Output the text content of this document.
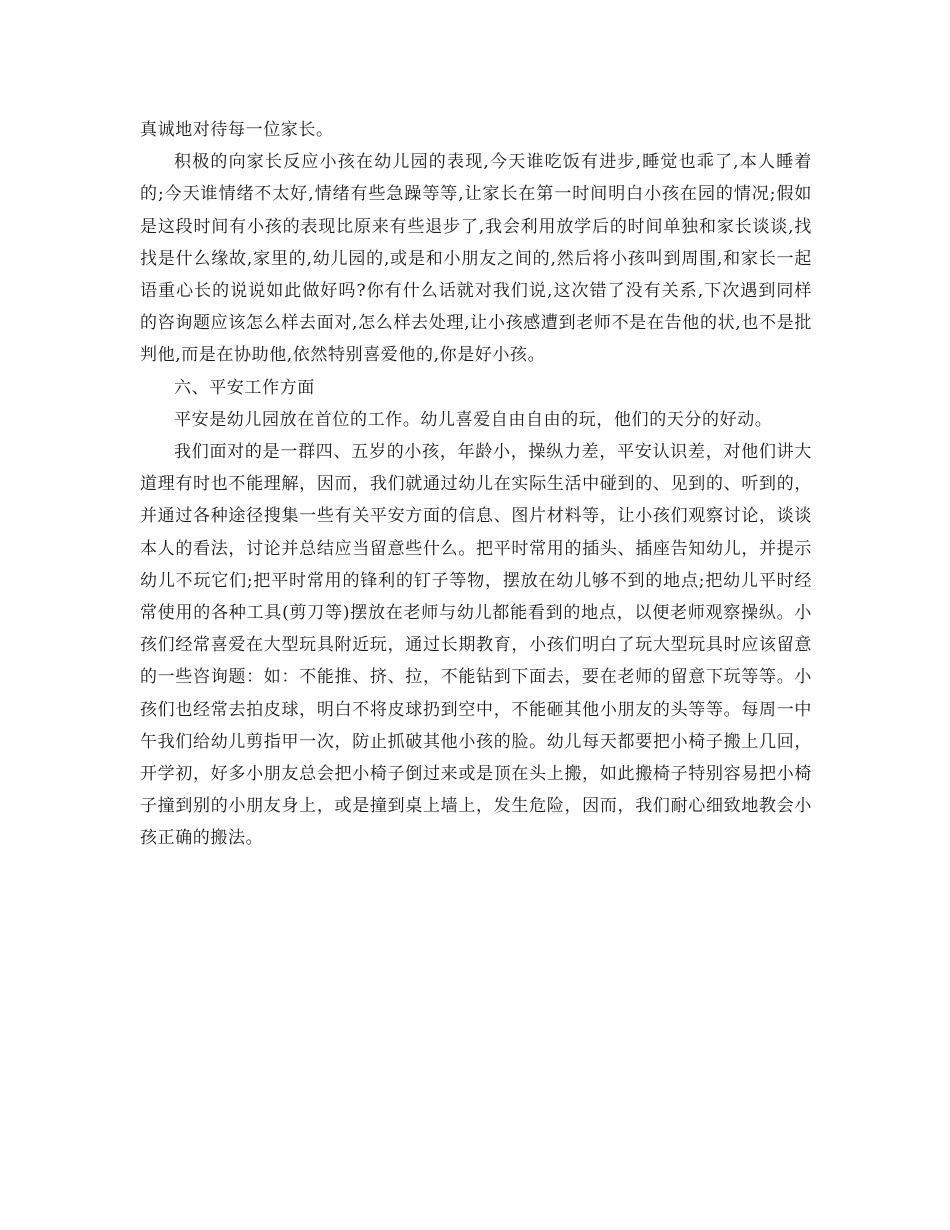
真诚地对待每一位家长。

积极的向家长反应小孩在幼儿园的表现,今天谁吃饭有进步,睡觉也乖了,本人睡着的;今天谁情绪不太好,情绪有些急躁等等,让家长在第一时间明白小孩在园的情况;假如是这段时间有小孩的表现比原来有些退步了,我会利用放学后的时间单独和家长谈谈,找找是什么缘故,家里的,幼儿园的,或是和小朋友之间的,然后将小孩叫到周围,和家长一起语重心长的说说如此做好吗?你有什么话就对我们说,这次错了没有关系,下次遇到同样的咨询题应该怎么样去面对,怎么样去处理,让小孩感遭到老师不是在告他的状,也不是批判他,而是在协助他,依然特别喜爱他的,你是好小孩。

六、平安工作方面

平安是幼儿园放在首位的工作。幼儿喜爱自由自由的玩，他们的天分的好动。

我们面对的是一群四、五岁的小孩，年龄小，操纵力差，平安认识差，对他们讲大道理有时也不能理解，因而，我们就通过幼儿在实际生活中碰到的、见到的、听到的，并通过各种途径搜集一些有关平安方面的信息、图片材料等，让小孩们观察讨论，谈谈本人的看法，讨论并总结应当留意些什么。把平时常用的插头、插座告知幼儿，并提示幼儿不玩它们;把平时常用的锋利的钉子等物，摆放在幼儿够不到的地点;把幼儿平时经常使用的各种工具(剪刀等)摆放在老师与幼儿都能看到的地点，以便老师观察操纵。小孩们经常喜爱在大型玩具附近玩，通过长期教育，小孩们明白了玩大型玩具时应该留意的一些咨询题：如：不能推、挤、拉，不能钻到下面去，要在老师的留意下玩等等。小孩们也经常去拍皮球，明白不将皮球扔到空中，不能砸其他小朋友的头等等。每周一中午我们给幼儿剪指甲一次，防止抓破其他小孩的脸。幼儿每天都要把小椅子搬上几回，开学初，好多小朋友总会把小椅子倒过来或是顶在头上搬，如此搬椅子特别容易把小椅子撞到别的小朋友身上，或是撞到桌上墙上，发生危险，因而，我们耐心细致地教会小孩正确的搬法。
